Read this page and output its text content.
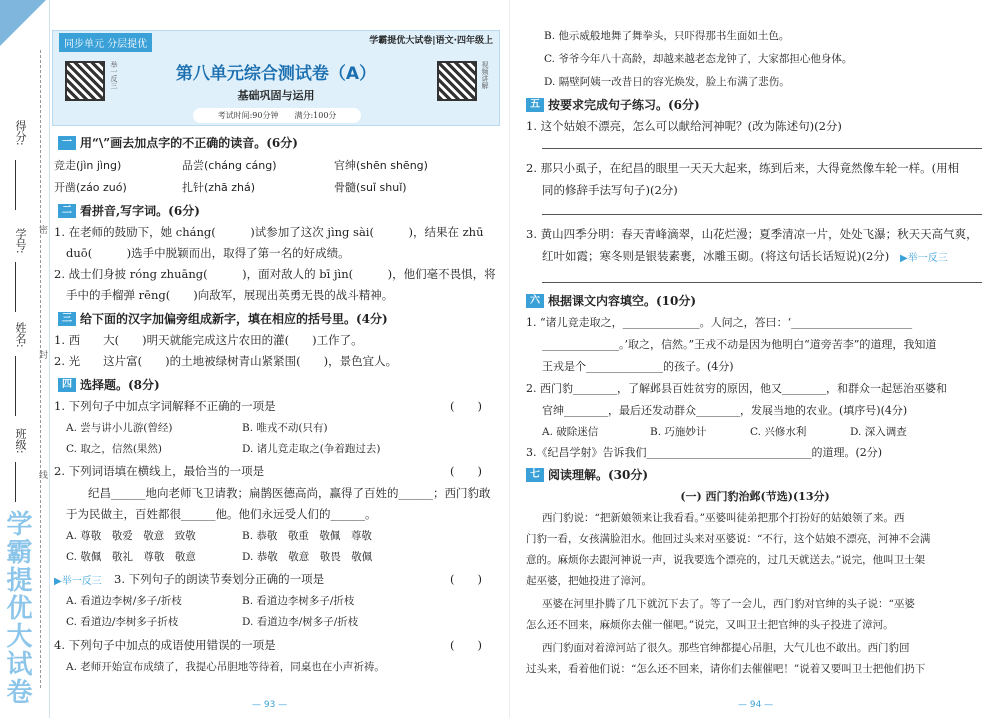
得分:
学号:
姓名:
班级:
密
封
线
学霸提优大试卷
同步单元 分层提优	学霸提优大试卷|语文·四年级上
举一反三	视频讲解
第八单元综合测试卷（A）
基础巩固与运用
考试时间:90分钟　　满分:100分
一 用“\”画去加点字的不正确的读音。(6分)
竞走(jìn jìng)	品尝(cháng cáng)	官绅(shēn shēng)
开凿(záo zuó)	扎针(zhā zhá)	骨髓(suǐ shuǐ)
二 看拼音,写字词。(6分)
1. 在老师的鼓励下，她 cháng(　　　)试参加了这次 jìng sài(　　　)，结果在 zhū
duō(　　　)选手中脱颖而出，取得了第一名的好成绩。
2. 战士们身披 róng zhuāng(　　　)，面对敌人的 bī jìn(　　　)，他们毫不畏惧，将
手中的手榴弹 rēng(　　)向敌军，展现出英勇无畏的战斗精神。
三 给下面的汉字加偏旁组成新字，填在相应的括号里。(4分)
1. 西　　大(　　)明天就能完成这片农田的灌(　　)工作了。
2. 光　　这片富(　　)的土地被绿树青山紧紧围(　　)，景色宜人。
四 选择题。(8分)
1. 下列句子中加点字词解释不正确的一项是	(　　)
A. 尝与讲小儿游(曾经)	B. 唯戎不动(只有)
C. 取之，信然(果然)	D. 诸儿竞走取之(争着跑过去)
2. 下列词语填在横线上，最恰当的一项是	(　　)
纪昌______地向老师飞卫请教；扁鹊医德高尚，赢得了百姓的______；西门豹敢
于为民做主，百姓都很______他。他们永远受人们的______。
A. 尊敬　敬爱　敬意　致敬	B. 恭敬　敬重　敬佩　尊敬
C. 敬佩　敬礼　尊敬　敬意	D. 恭敬　敬意　敬畏　敬佩
▶举一反三 3. 下列句子的朗读节奏划分正确的一项是	(　　)
A. 看道边李树/多子/折枝	B. 看道边李树多子/折枝
C. 看道边/李树多子折枝	D. 看道边李/树多子/折枝
4. 下列句子中加点的成语使用错误的一项是	(　　)
A. 老师开始宣布成绩了，我提心吊胆地等待着，同桌也在小声祈祷。
— 93 —
B. 他示威般地舞了舞拳头，只吓得那书生面如土色。
C. 爷爷今年八十高龄，却越来越老态龙钟了，大家都担心他身体。
D. 隔壁阿姨一改昔日的容光焕发，脸上布满了悲伤。
五 按要求完成句子练习。(6分)
1. 这个姑娘不漂亮，怎么可以献给河神呢？(改为陈述句)(2分)
2. 那只小虱子，在纪昌的眼里一天天大起来，练到后来，大得竟然像车轮一样。(用相
同的修辞手法写句子)(2分)
3. 黄山四季分明：春天青峰滴翠，山花烂漫；夏季清凉一片，处处飞瀑；秋天天高气爽，
红叶如霞；寒冬则是银装素裹，冰雕玉砌。(将这句话长话短说)(2分) ▶举一反三
六 根据课文内容填空。(10分)
1. “诸儿竞走取之，______________。人问之，答曰：‘______________________
______________。’取之，信然。”王戎不动是因为他明白“道旁苦李”的道理，我知道
王戎是个______________的孩子。(4分)
2. 西门豹________，了解邺县百姓贫穷的原因，他又________，和群众一起惩治巫婆和
官绅________，最后还发动群众________，发展当地的农业。(填序号)(4分)
A. 破除迷信	B. 巧施妙计	C. 兴修水利	D. 深入调查
3.《纪昌学射》告诉我们______________________________的道理。(2分)
七 阅读理解。(30分)
(一) 西门豹治邺(节选)(13分)
西门豹说：“把新娘领来让我看看。”巫婆叫徒弟把那个打扮好的姑娘领了来。西
门豹一看，女孩满脸泪水。他回过头来对巫婆说：“不行，这个姑娘不漂亮，河神不会满
意的。麻烦你去跟河神说一声，说我要选个漂亮的，过几天就送去。”说完，他叫卫士架
起巫婆，把她投进了漳河。
巫婆在河里扑腾了几下就沉下去了。等了一会儿，西门豹对官绅的头子说：“巫婆
怎么还不回来，麻烦你去催一催吧。”说完，又叫卫士把官绅的头子投进了漳河。
西门豹面对着漳河站了很久。那些官绅都提心吊胆，大气儿也不敢出。西门豹回
过头来，看着他们说：“怎么还不回来，请你们去催催吧！”说着又要叫卫士把他们扔下
— 94 —
